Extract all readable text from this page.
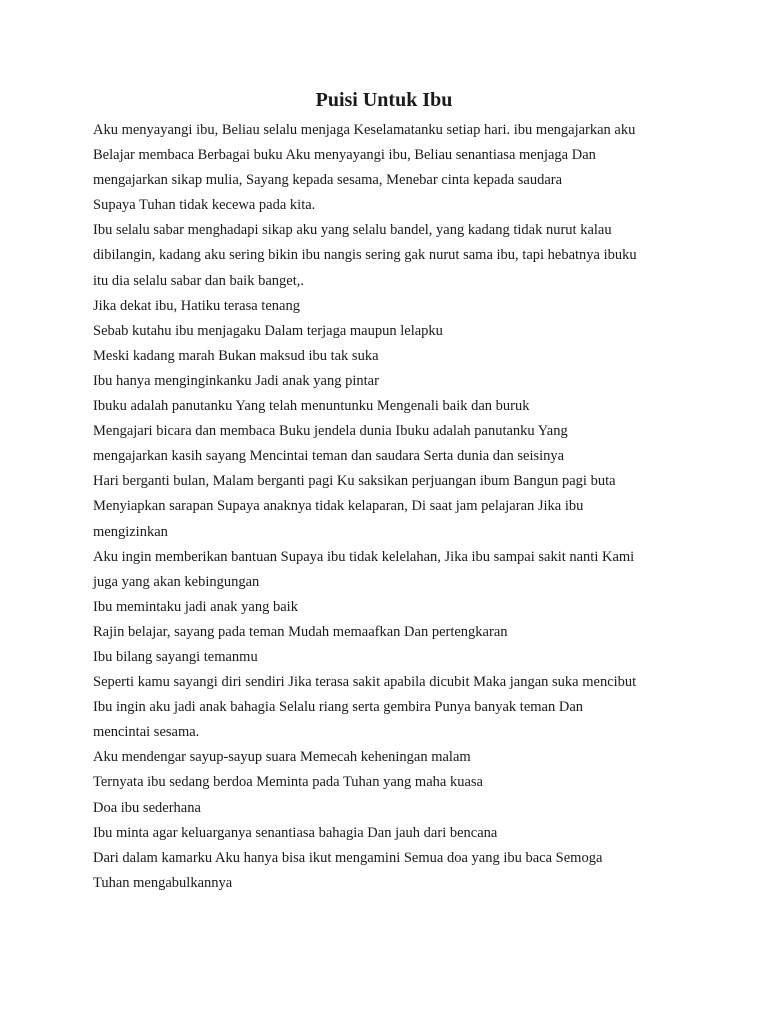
Puisi Untuk Ibu

Aku menyayangi ibu, Beliau selalu menjaga Keselamatanku setiap hari. ibu mengajarkan aku

Belajar membaca Berbagai buku Aku menyayangi ibu, Beliau senantiasa menjaga Dan

mengajarkan sikap mulia, Sayang kepada sesama, Menebar cinta kepada saudara

Supaya Tuhan tidak kecewa pada kita.

Ibu selalu sabar menghadapi sikap aku yang selalu bandel, yang kadang tidak nurut kalau

dibilangin, kadang aku sering bikin ibu nangis sering gak nurut sama ibu, tapi hebatnya ibuku

itu dia selalu sabar dan baik banget,.

Jika dekat ibu, Hatiku terasa tenang

Sebab kutahu ibu menjagaku Dalam terjaga maupun lelapku

Meski kadang marah Bukan maksud ibu tak suka

Ibu hanya menginginkanku Jadi anak yang pintar

Ibuku adalah panutanku Yang telah menuntunku Mengenali baik dan buruk

Mengajari bicara dan membaca Buku jendela dunia Ibuku adalah panutanku Yang

mengajarkan kasih sayang Mencintai teman dan saudara Serta dunia dan seisinya

Hari berganti bulan, Malam berganti pagi Ku saksikan perjuangan ibum Bangun pagi buta

Menyiapkan sarapan Supaya anaknya tidak kelaparan, Di saat jam pelajaran Jika ibu

mengizinkan

Aku ingin memberikan bantuan Supaya ibu tidak kelelahan, Jika ibu sampai sakit nanti Kami

juga yang akan kebingungan

Ibu memintaku jadi anak yang baik

Rajin belajar, sayang pada teman Mudah memaafkan Dan pertengkaran

Ibu bilang sayangi temanmu

Seperti kamu sayangi diri sendiri Jika terasa sakit apabila dicubit Maka jangan suka mencibut

Ibu ingin aku jadi anak bahagia Selalu riang serta gembira Punya banyak teman Dan

mencintai sesama.

Aku mendengar sayup-sayup suara Memecah keheningan malam

Ternyata ibu sedang berdoa Meminta pada Tuhan yang maha kuasa

Doa ibu sederhana

Ibu minta agar keluarganya senantiasa bahagia Dan jauh dari bencana

Dari dalam kamarku Aku hanya bisa ikut mengamini Semua doa yang ibu baca Semoga

Tuhan mengabulkannya
